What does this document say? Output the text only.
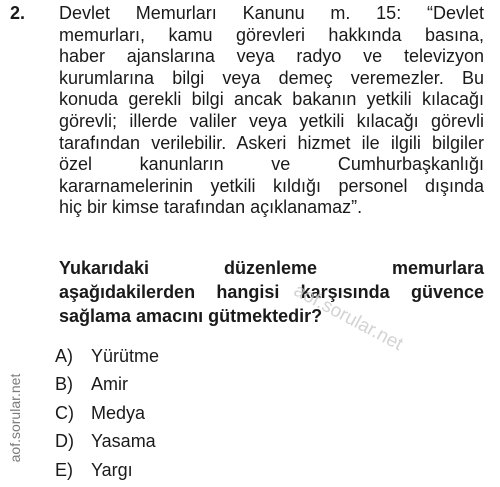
2. Devlet Memurları Kanunu m. 15: “Devlet
memurları, kamu görevleri hakkında basına,
haber ajanslarına veya radyo ve televizyon
kurumlarına bilgi veya demeç veremezler. Bu
konuda gerekli bilgi ancak bakanın yetkili kılacağı
görevli; illerde valiler veya yetkili kılacağı görevli
tarafından verilebilir. Askeri hizmet ile ilgili bilgiler
özel kanunların ve Cumhurbaşkanlığı
kararnamelerinin yetkili kıldığı personel dışında
hiç bir kimse tarafından açıklanamaz”.
Yukarıdaki düzenleme memurlara
aşağıdakilerden hangisi karşısında güvence
sağlama amacını gütmektedir?
A)	Yürütme
B)	Amir
C) Medya
D) Yasama
E)	Yargı
aof.sorular.net
aof.sorular.net
